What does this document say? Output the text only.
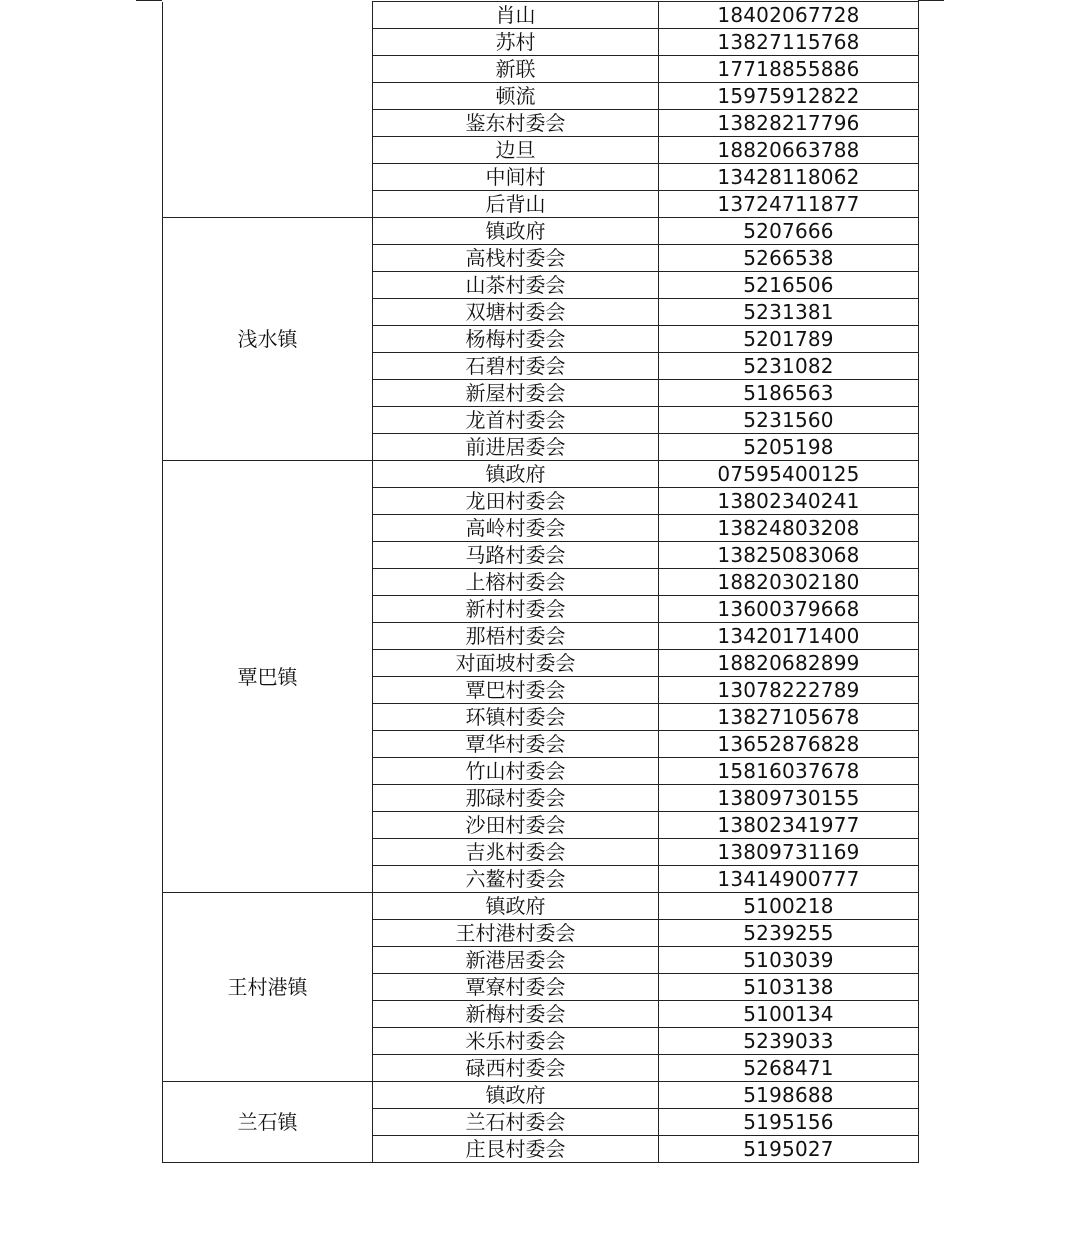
	肖山	18402067728
	苏村	13827115768
	新联	17718855886
	顿流	15975912822
	鉴东村委会	13828217796
	边旦	18820663788
	中间村	13428118062
	后背山	13724711877
浅水镇	镇政府	5207666
	高栈村委会	5266538
	山茶村委会	5216506
	双塘村委会	5231381
	杨梅村委会	5201789
	石碧村委会	5231082
	新屋村委会	5186563
	龙首村委会	5231560
	前进居委会	5205198
覃巴镇	镇政府	07595400125
	龙田村委会	13802340241
	高岭村委会	13824803208
	马路村委会	13825083068
	上榕村委会	18820302180
	新村村委会	13600379668
	那梧村委会	13420171400
	对面坡村委会	18820682899
	覃巴村委会	13078222789
	环镇村委会	13827105678
	覃华村委会	13652876828
	竹山村委会	15816037678
	那碌村委会	13809730155
	沙田村委会	13802341977
	吉兆村委会	13809731169
	六鳌村委会	13414900777
王村港镇	镇政府	5100218
	王村港村委会	5239255
	新港居委会	5103039
	覃寮村委会	5103138
	新梅村委会	5100134
	米乐村委会	5239033
	碌西村委会	5268471
兰石镇	镇政府	5198688
	兰石村委会	5195156
	庄艮村委会	5195027
